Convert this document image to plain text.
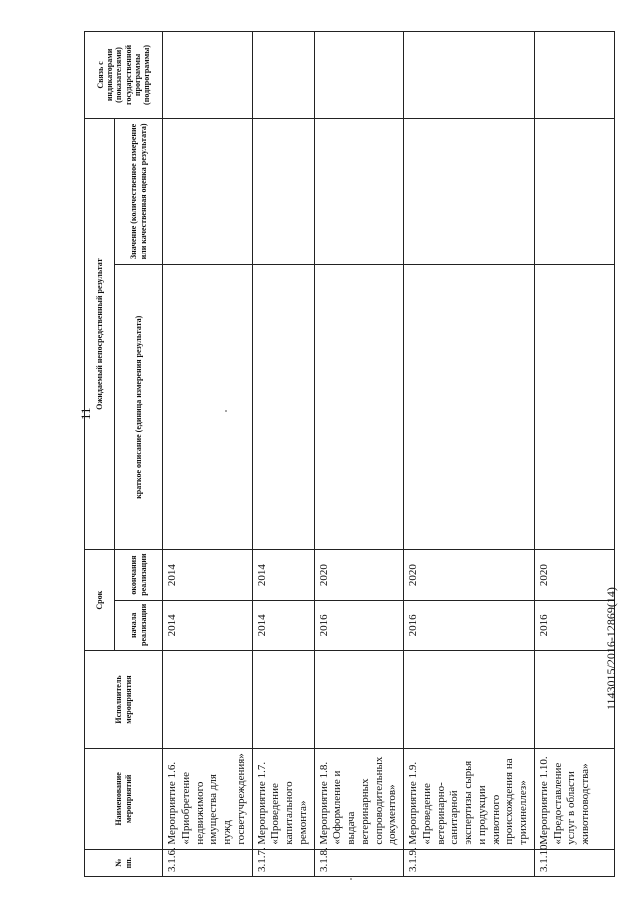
11
№ пп.	Наименование мероприятий	Исполнитель мероприятия	Срок		Ожидаемый непосредственный результат		Связь с индикаторами (показателями) государственной программы (подпрограммы)
			начала реализации	окончания реализации	краткое описание (единица измерения результата)	Значение (количественное измерение или качественная оценка результата)	
3.1.6.	Мероприятие 1.6. «Приобретение недвижимого имущества для нужд госветучреждения»		2014	2014			
3.1.7.	Мероприятие 1.7. «Проведение капитального ремонта»		2014	2014			
3.1.8.	Мероприятие 1.8. «Оформление и выдача ветеринарных сопроводительных документов»		2016	2020			
3.1.9.	Мероприятие 1.9. «Проведение ветеринарно-санитарной экспертизы сырья и продукции животного происхождения на трихинеллез»		2016	2020			
3.1.10.	Мероприятие 1.10. «Предоставление услуг в области животноводства»		2016	2020			
1143015/2016-12869(14)
